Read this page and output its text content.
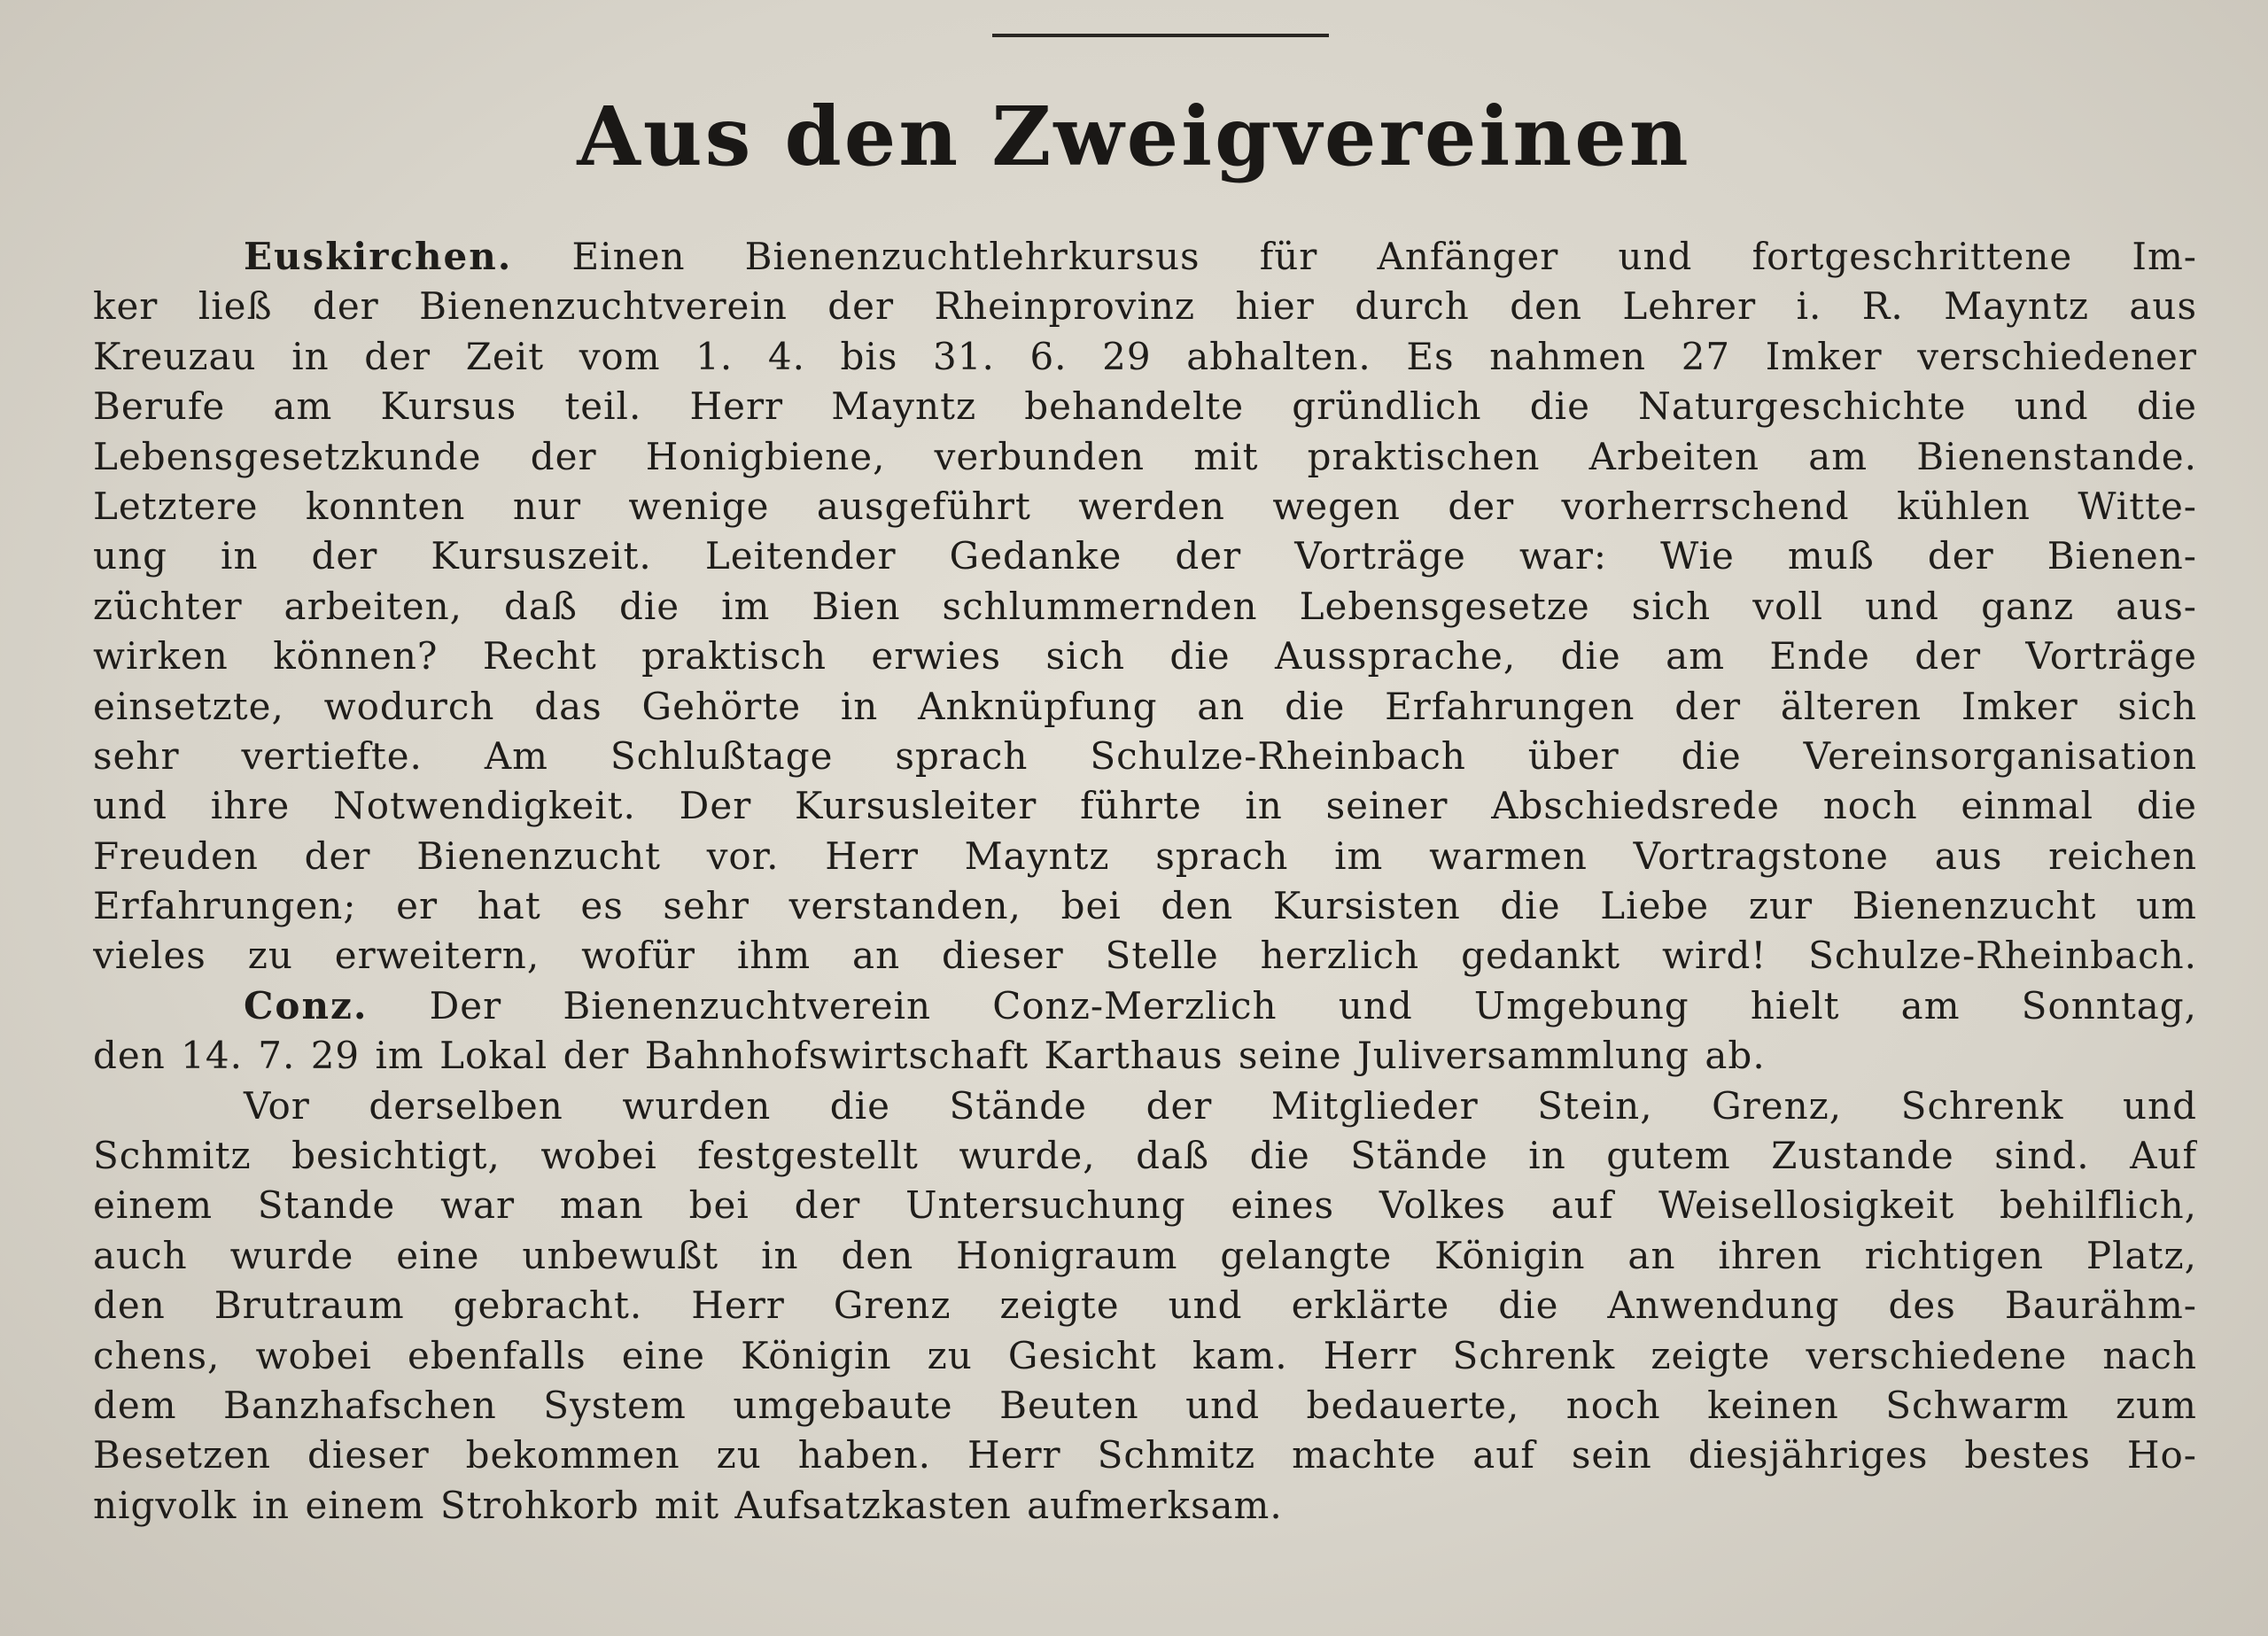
Aus den Zweigvereinen
Euskirchen. Einen Bienenzuchtlehrkursus für Anfänger und fortgeschrittene Im-
ker ließ der Bienenzuchtverein der Rheinprovinz hier durch den Lehrer i. R. Mayntz aus
Kreuzau in der Zeit vom 1. 4. bis 31. 6. 29 abhalten. Es nahmen 27 Imker verschiedener
Berufe am Kursus teil. Herr Mayntz behandelte gründlich die Naturgeschichte und die
Lebensgesetzkunde der Honigbiene, verbunden mit praktischen Arbeiten am Bienenstande.
Letztere konnten nur wenige ausgeführt werden wegen der vorherrschend kühlen Witte-
ung in der Kursuszeit. Leitender Gedanke der Vorträge war: Wie muß der Bienen-
züchter arbeiten, daß die im Bien schlummernden Lebensgesetze sich voll und ganz aus-
wirken können? Recht praktisch erwies sich die Aussprache, die am Ende der Vorträge
einsetzte, wodurch das Gehörte in Anknüpfung an die Erfahrungen der älteren Imker sich
sehr vertiefte. Am Schlußtage sprach Schulze-Rheinbach über die Vereinsorganisation
und ihre Notwendigkeit. Der Kursusleiter führte in seiner Abschiedsrede noch einmal die
Freuden der Bienenzucht vor. Herr Mayntz sprach im warmen Vortragstone aus reichen
Erfahrungen; er hat es sehr verstanden, bei den Kursisten die Liebe zur Bienenzucht um
vieles zu erweitern, wofür ihm an dieser Stelle herzlich gedankt wird! Schulze-Rheinbach.
Conz. Der Bienenzuchtverein Conz-Merzlich und Umgebung hielt am Sonntag,
den 14. 7. 29 im Lokal der Bahnhofswirtschaft Karthaus seine Juliversammlung ab.
Vor derselben wurden die Stände der Mitglieder Stein, Grenz, Schrenk und
Schmitz besichtigt, wobei festgestellt wurde, daß die Stände in gutem Zustande sind. Auf
einem Stande war man bei der Untersuchung eines Volkes auf Weisellosigkeit behilflich,
auch wurde eine unbewußt in den Honigraum gelangte Königin an ihren richtigen Platz,
den Brutraum gebracht. Herr Grenz zeigte und erklärte die Anwendung des Baurähm-
chens, wobei ebenfalls eine Königin zu Gesicht kam. Herr Schrenk zeigte verschiedene nach
dem Banzhafschen System umgebaute Beuten und bedauerte, noch keinen Schwarm zum
Besetzen dieser bekommen zu haben. Herr Schmitz machte auf sein diesjähriges bestes Ho-
nigvolk in einem Strohkorb mit Aufsatzkasten aufmerksam.
